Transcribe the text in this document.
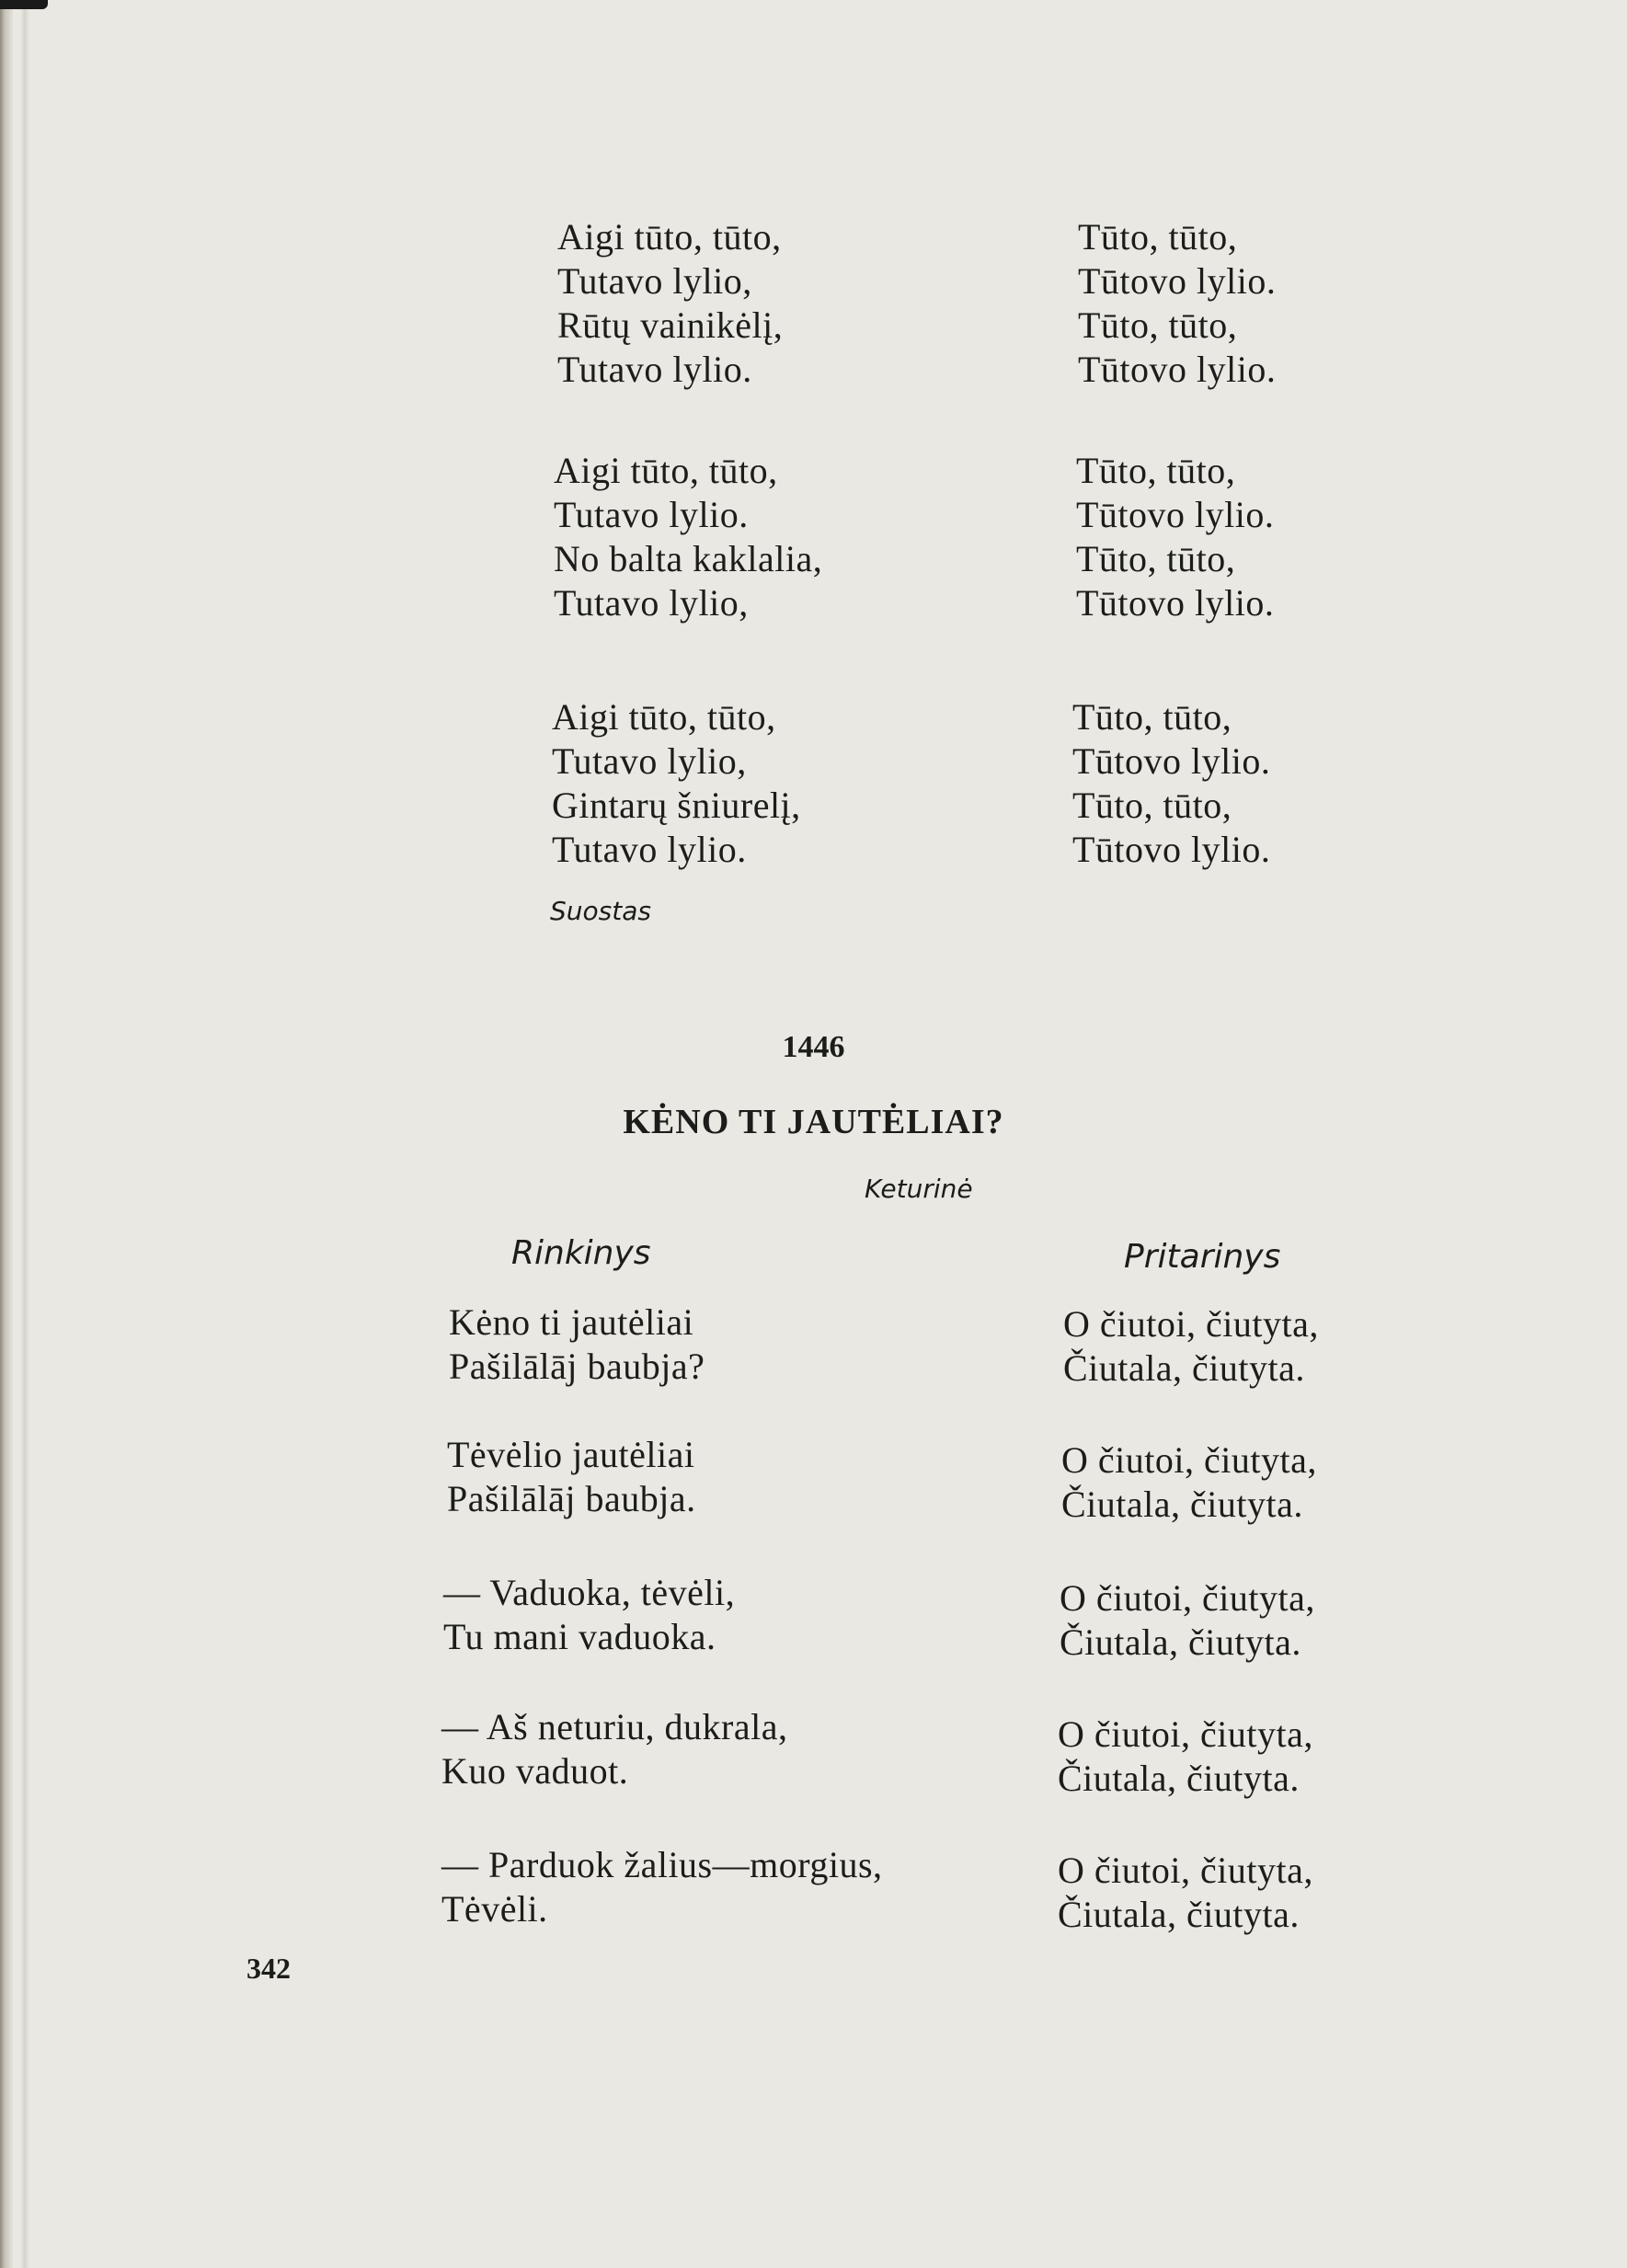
Aigi tūto, tūto,
Tutavo lylio,
Rūtų vainikėlį,
Tutavo lylio.
Tūto, tūto,
Tūtovo lylio.
Tūto, tūto,
Tūtovo lylio.
Aigi tūto, tūto,
Tutavo lylio.
No balta kaklalia,
Tutavo lylio,
Tūto, tūto,
Tūtovo lylio.
Tūto, tūto,
Tūtovo lylio.
Aigi tūto, tūto,
Tutavo lylio,
Gintarų šniurelį,
Tutavo lylio.
Tūto, tūto,
Tūtovo lylio.
Tūto, tūto,
Tūtovo lylio.
Suostas
1446
KĖNO TI JAUTĖLIAI?
Keturinė
Rinkinys	Pritarinys
Kėno ti jautėliai
Pašilālāj baubja?
O čiutoi, čiutyta,
Čiutala, čiutyta.
Tėvėlio jautėliai
Pašilālāj baubja.
O čiutoi, čiutyta,
Čiutala, čiutyta.
— Vaduoka, tėvėli,
Tu mani vaduoka.
O čiutoi, čiutyta,
Čiutala, čiutyta.
— Aš neturiu, dukrala,
Kuo vaduot.
O čiutoi, čiutyta,
Čiutala, čiutyta.
— Parduok žalius—morgius,
Tėvėli.
O čiutoi, čiutyta,
Čiutala, čiutyta.
342
